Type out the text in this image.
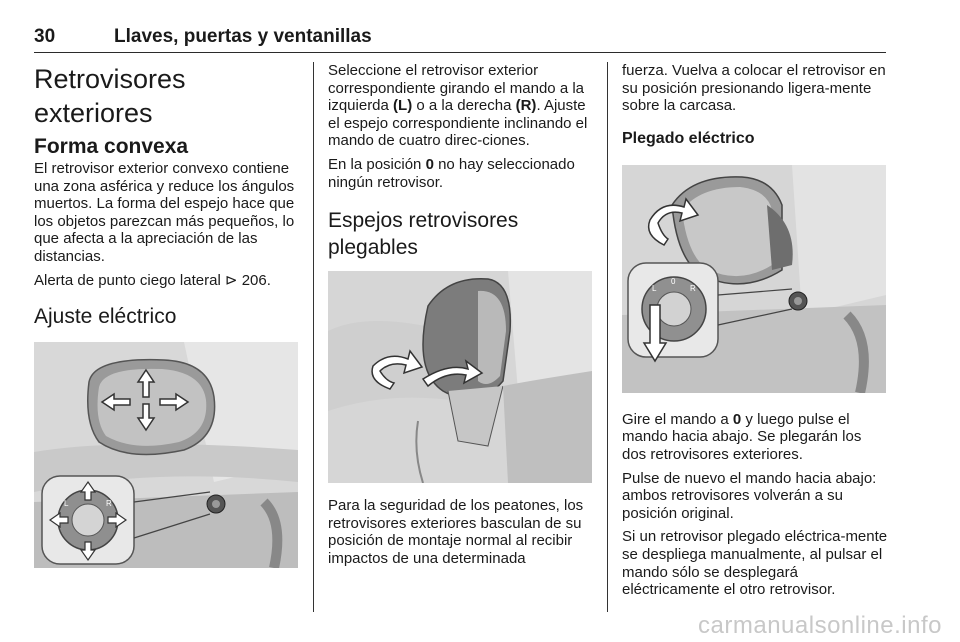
30	Llaves, puertas y ventanillas
Retrovisores exteriores
Forma convexa

El retrovisor exterior convexo contiene una zona asférica y reduce los ángulos muertos. La forma del espejo hace que los objetos parezcan más pequeños, lo que afecta a la apreciación de las distancias.

Alerta de punto ciego lateral ⊳ 206.

Ajuste eléctrico
L	R

Seleccione el retrovisor exterior correspondiente girando el mando a la izquierda (L) o a la derecha (R). Ajuste el espejo correspondiente inclinando el mando de cuatro direc-ciones.

En la posición 0 no hay seleccionado ningún retrovisor.

Espejos retrovisores plegables

Para la seguridad de los peatones, los retrovisores exteriores basculan de su posición de montaje normal al recibir impactos de una determinada

fuerza. Vuelva a colocar el retrovisor en su posición presionando ligera-mente sobre la carcasa.

Plegado eléctrico
L
0
R

Gire el mando a 0 y luego pulse el mando hacia abajo. Se plegarán los dos retrovisores exteriores.

Pulse de nuevo el mando hacia abajo: ambos retrovisores volverán a su posición original.

Si un retrovisor plegado eléctrica-mente se despliega manualmente, al pulsar el mando sólo se desplegará eléctricamente el otro retrovisor.

carmanualsonline.info
